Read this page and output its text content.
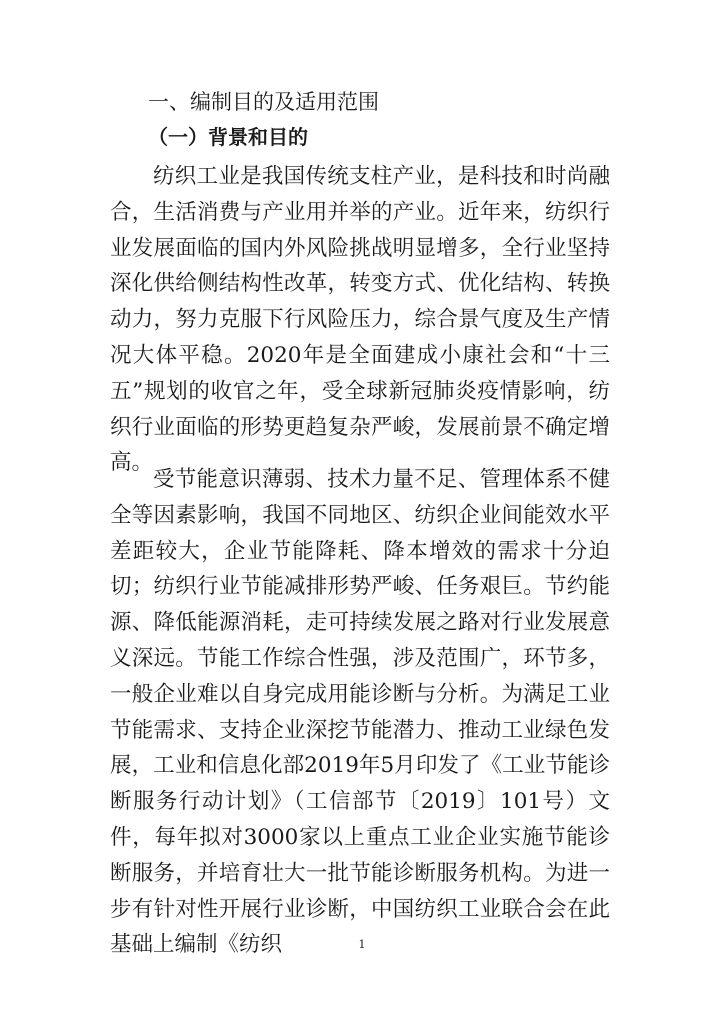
一、编制目的及适用范围
（一）背景和目的

纺织工业是我国传统支柱产业，是科技和时尚融合，生活消费与产业用并举的产业。近年来，纺织行业发展面临的国内外风险挑战明显增多，全行业坚持深化供给侧结构性改革，转变方式、优化结构、转换动力，努力克服下行风险压力，综合景气度及生产情况大体平稳。2020年是全面建成小康社会和“十三五”规划的收官之年，受全球新冠肺炎疫情影响，纺织行业面临的形势更趋复杂严峻，发展前景不确定增高。

受节能意识薄弱、技术力量不足、管理体系不健全等因素影响，我国不同地区、纺织企业间能效水平差距较大，企业节能降耗、降本增效的需求十分迫切；纺织行业节能减排形势严峻、任务艰巨。节约能源、降低能源消耗，走可持续发展之路对行业发展意义深远。节能工作综合性强，涉及范围广，环节多，一般企业难以自身完成用能诊断与分析。为满足工业节能需求、支持企业深挖节能潜力、推动工业绿色发展，工业和信息化部2019年5月印发了《工业节能诊断服务行动计划》（工信部节〔2019〕101号）文件，每年拟对3000家以上重点工业企业实施节能诊断服务，并培育壮大一批节能诊断服务机构。为进一步有针对性开展行业诊断，中国纺织工业联合会在此基础上编制《纺织	1
